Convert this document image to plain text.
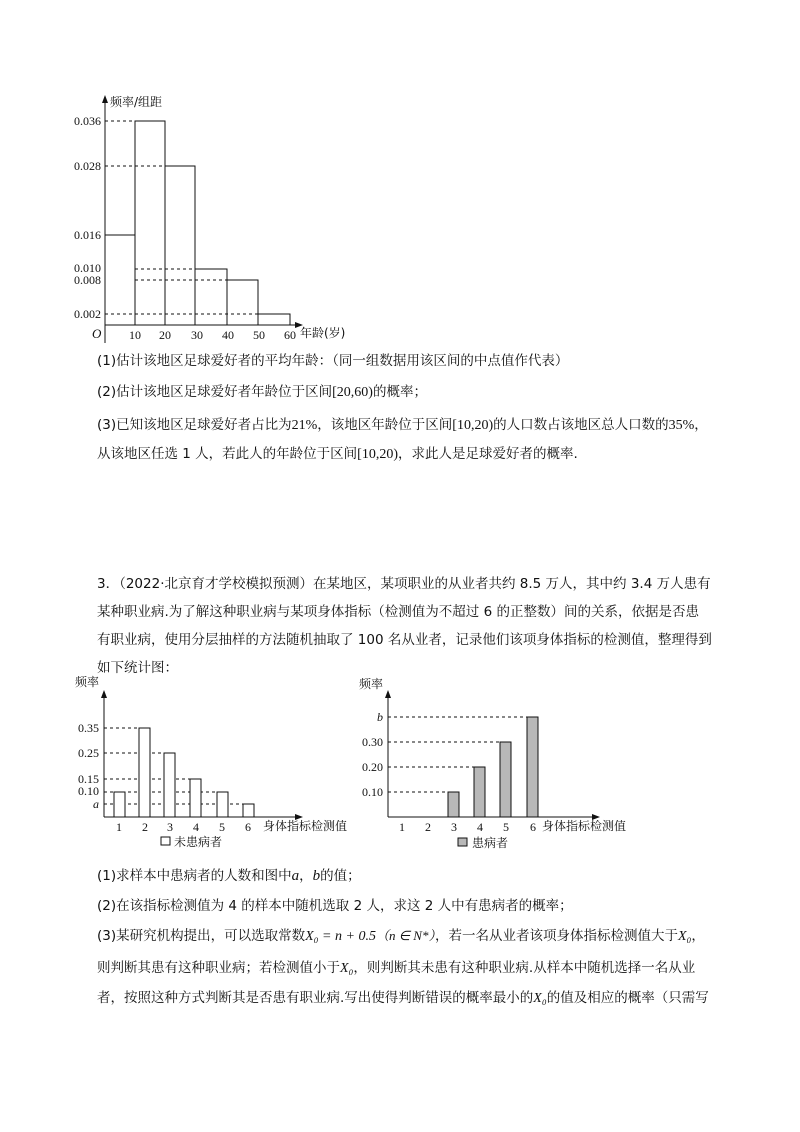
频率/组距
年龄(岁)
O
0.036
0.028
0.016
0.010
0.008
0.002
10 20 30 40 50 60
(1)估计该地区足球爱好者的平均年龄：（同一组数据用该区间的中点值作代表）
(2)估计该地区足球爱好者年龄位于区间[20,60)的概率；
(3)已知该地区足球爱好者占比为21%，该地区年龄位于区间[10,20)的人口数占该地区总人口数的35%，
从该地区任选 1 人，若此人的年龄位于区间[10,20)，求此人是足球爱好者的概率.
3．（2022·北京育才学校模拟预测）在某地区，某项职业的从业者共约 8.5 万人，其中约 3.4 万人患有某种职业病.为了解这种职业病与某项身体指标（检测值为不超过 6 的正整数）间的关系，依据是否患有职业病，使用分层抽样的方法随机抽取了 100 名从业者，记录他们该项身体指标的检测值，整理得到如下统计图：
频率
身体指标检测值
0.35
0.25
0.15
0.10
a
1 2 3 4 5 6
未患病者
频率
身体指标检测值
b
0.30
0.20
0.10
1 2 3 4 5 6
患病者
(1)求样本中患病者的人数和图中a，b的值；
(2)在该指标检测值为 4 的样本中随机选取 2 人，求这 2 人中有患病者的概率；
(3)某研究机构提出，可以选取常数X₀ = n + 0.5（n ∈ N*），若一名从业者该项身体指标检测值大于X₀，
则判断其患有这种职业病；若检测值小于X₀，则判断其未患有这种职业病.从样本中随机选择一名从业
者，按照这种方式判断其是否患有职业病.写出使得判断错误的概率最小的X₀的值及相应的概率（只需写
